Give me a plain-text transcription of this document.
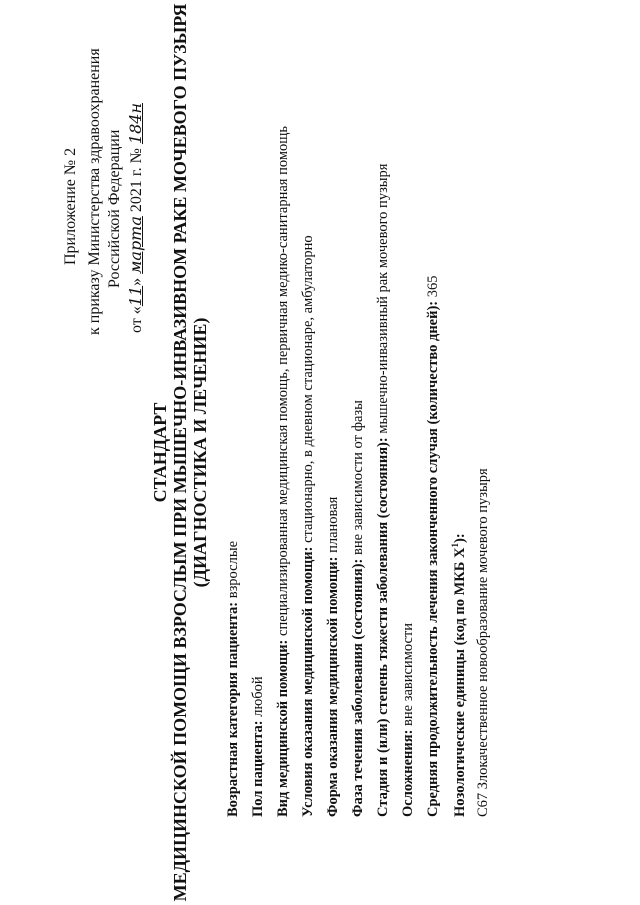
Приложение № 2 к приказу Министерства здравоохранения Российской Федерации
от «11» марта 2021 г. № 184н
СТАНДАРТ МЕДИЦИНСКОЙ ПОМОЩИ ВЗРОСЛЫМ ПРИ МЫШЕЧНО-ИНВАЗИВНОМ РАКЕ МОЧЕВОГО ПУЗЫРЯ (ДИАГНОСТИКА И ЛЕЧЕНИЕ)
Возрастная категория пациента: взрослые
Пол пациента: любой Вид медицинской помощи: специализированная медицинская помощь, первичная медико-санитарная помощь
Условия оказания медицинской помощи: стационарно, в дневном стационаре, амбулаторно
Форма оказания медицинской помощи: плановая
Фаза течения заболевания (состояния): вне зависимости от фазы Стадия и (или) степень тяжести заболевания (состояния): мышечно-инвазивный рак мочевого пузыря
Осложнения: вне зависимости Средняя продолжительность лечения законченного случая (количество дней): 365
Нозологические единицы (код по МКБ $X^1$): C67 Злокачественное новообразование мочевого пузыря
